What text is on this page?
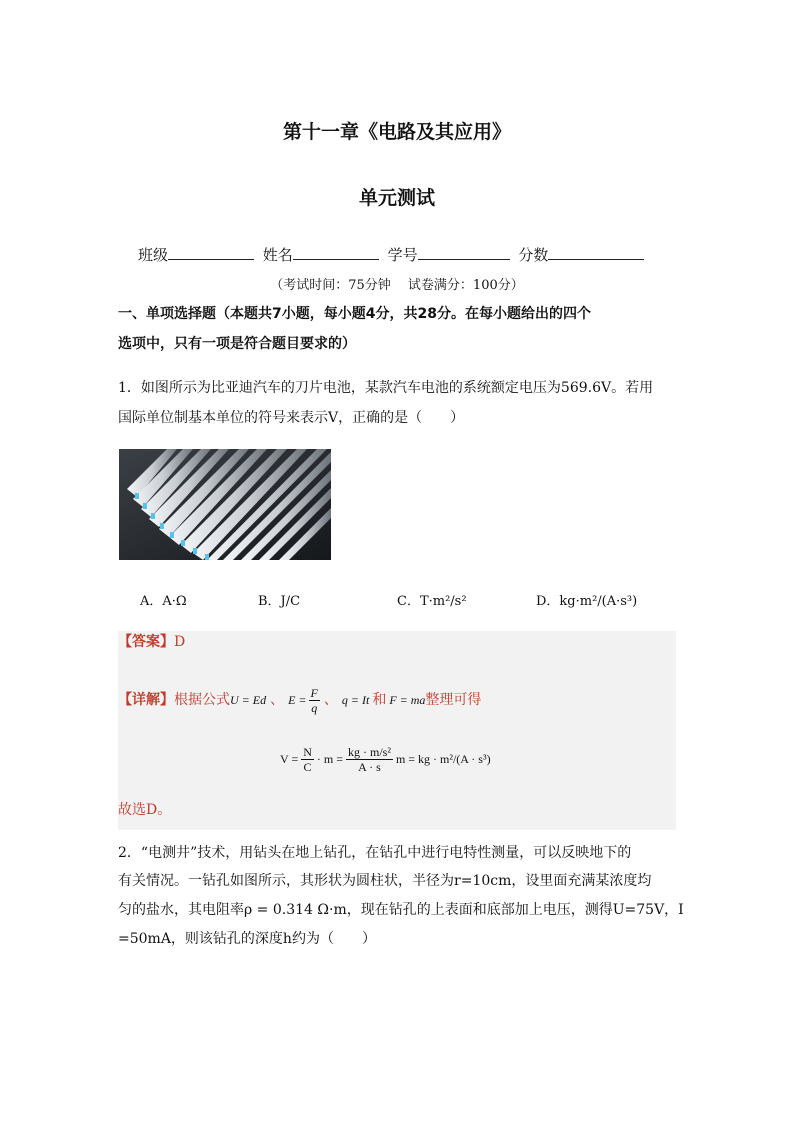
第十一章《电路及其应用》
单元测试
班级	姓名	学号	分数
（考试时间：75分钟　 试卷满分：100分）
一、单项选择题（本题共7小题，每小题4分，共28分。在每小题给出的四个
选项中，只有一项是符合题目要求的）
1．如图所示为比亚迪汽车的刀片电池，某款汽车电池的系统额定电压为569.6V。若用
国际单位制基本单位的符号来表示V，正确的是（　　）
A．A·Ω	B．J/C	C．T·m²/s²	D．kg·m²/(A·s³)
【答案】D
【详解】 根据公式 U = Ed 、 $E = \frac{F}{q}$ 、 q = It 和 F = ma 整理可得
$V = \frac{N}{C} \cdot m = \frac{\text{kg · m/s²}}{A \cdot s}$ m = kg · m²/(A · s³)
故选D。
2．“电测井”技术，用钻头在地上钻孔，在钻孔中进行电特性测量，可以反映地下的
有关情况。一钻孔如图所示，其形状为圆柱状，半径为r=10cm，设里面充满某浓度均
匀的盐水，其电阻率ρ = 0.314 Ω·m，现在钻孔的上表面和底部加上电压，测得U=75V，I
=50mA，则该钻孔的深度h约为（　　）
